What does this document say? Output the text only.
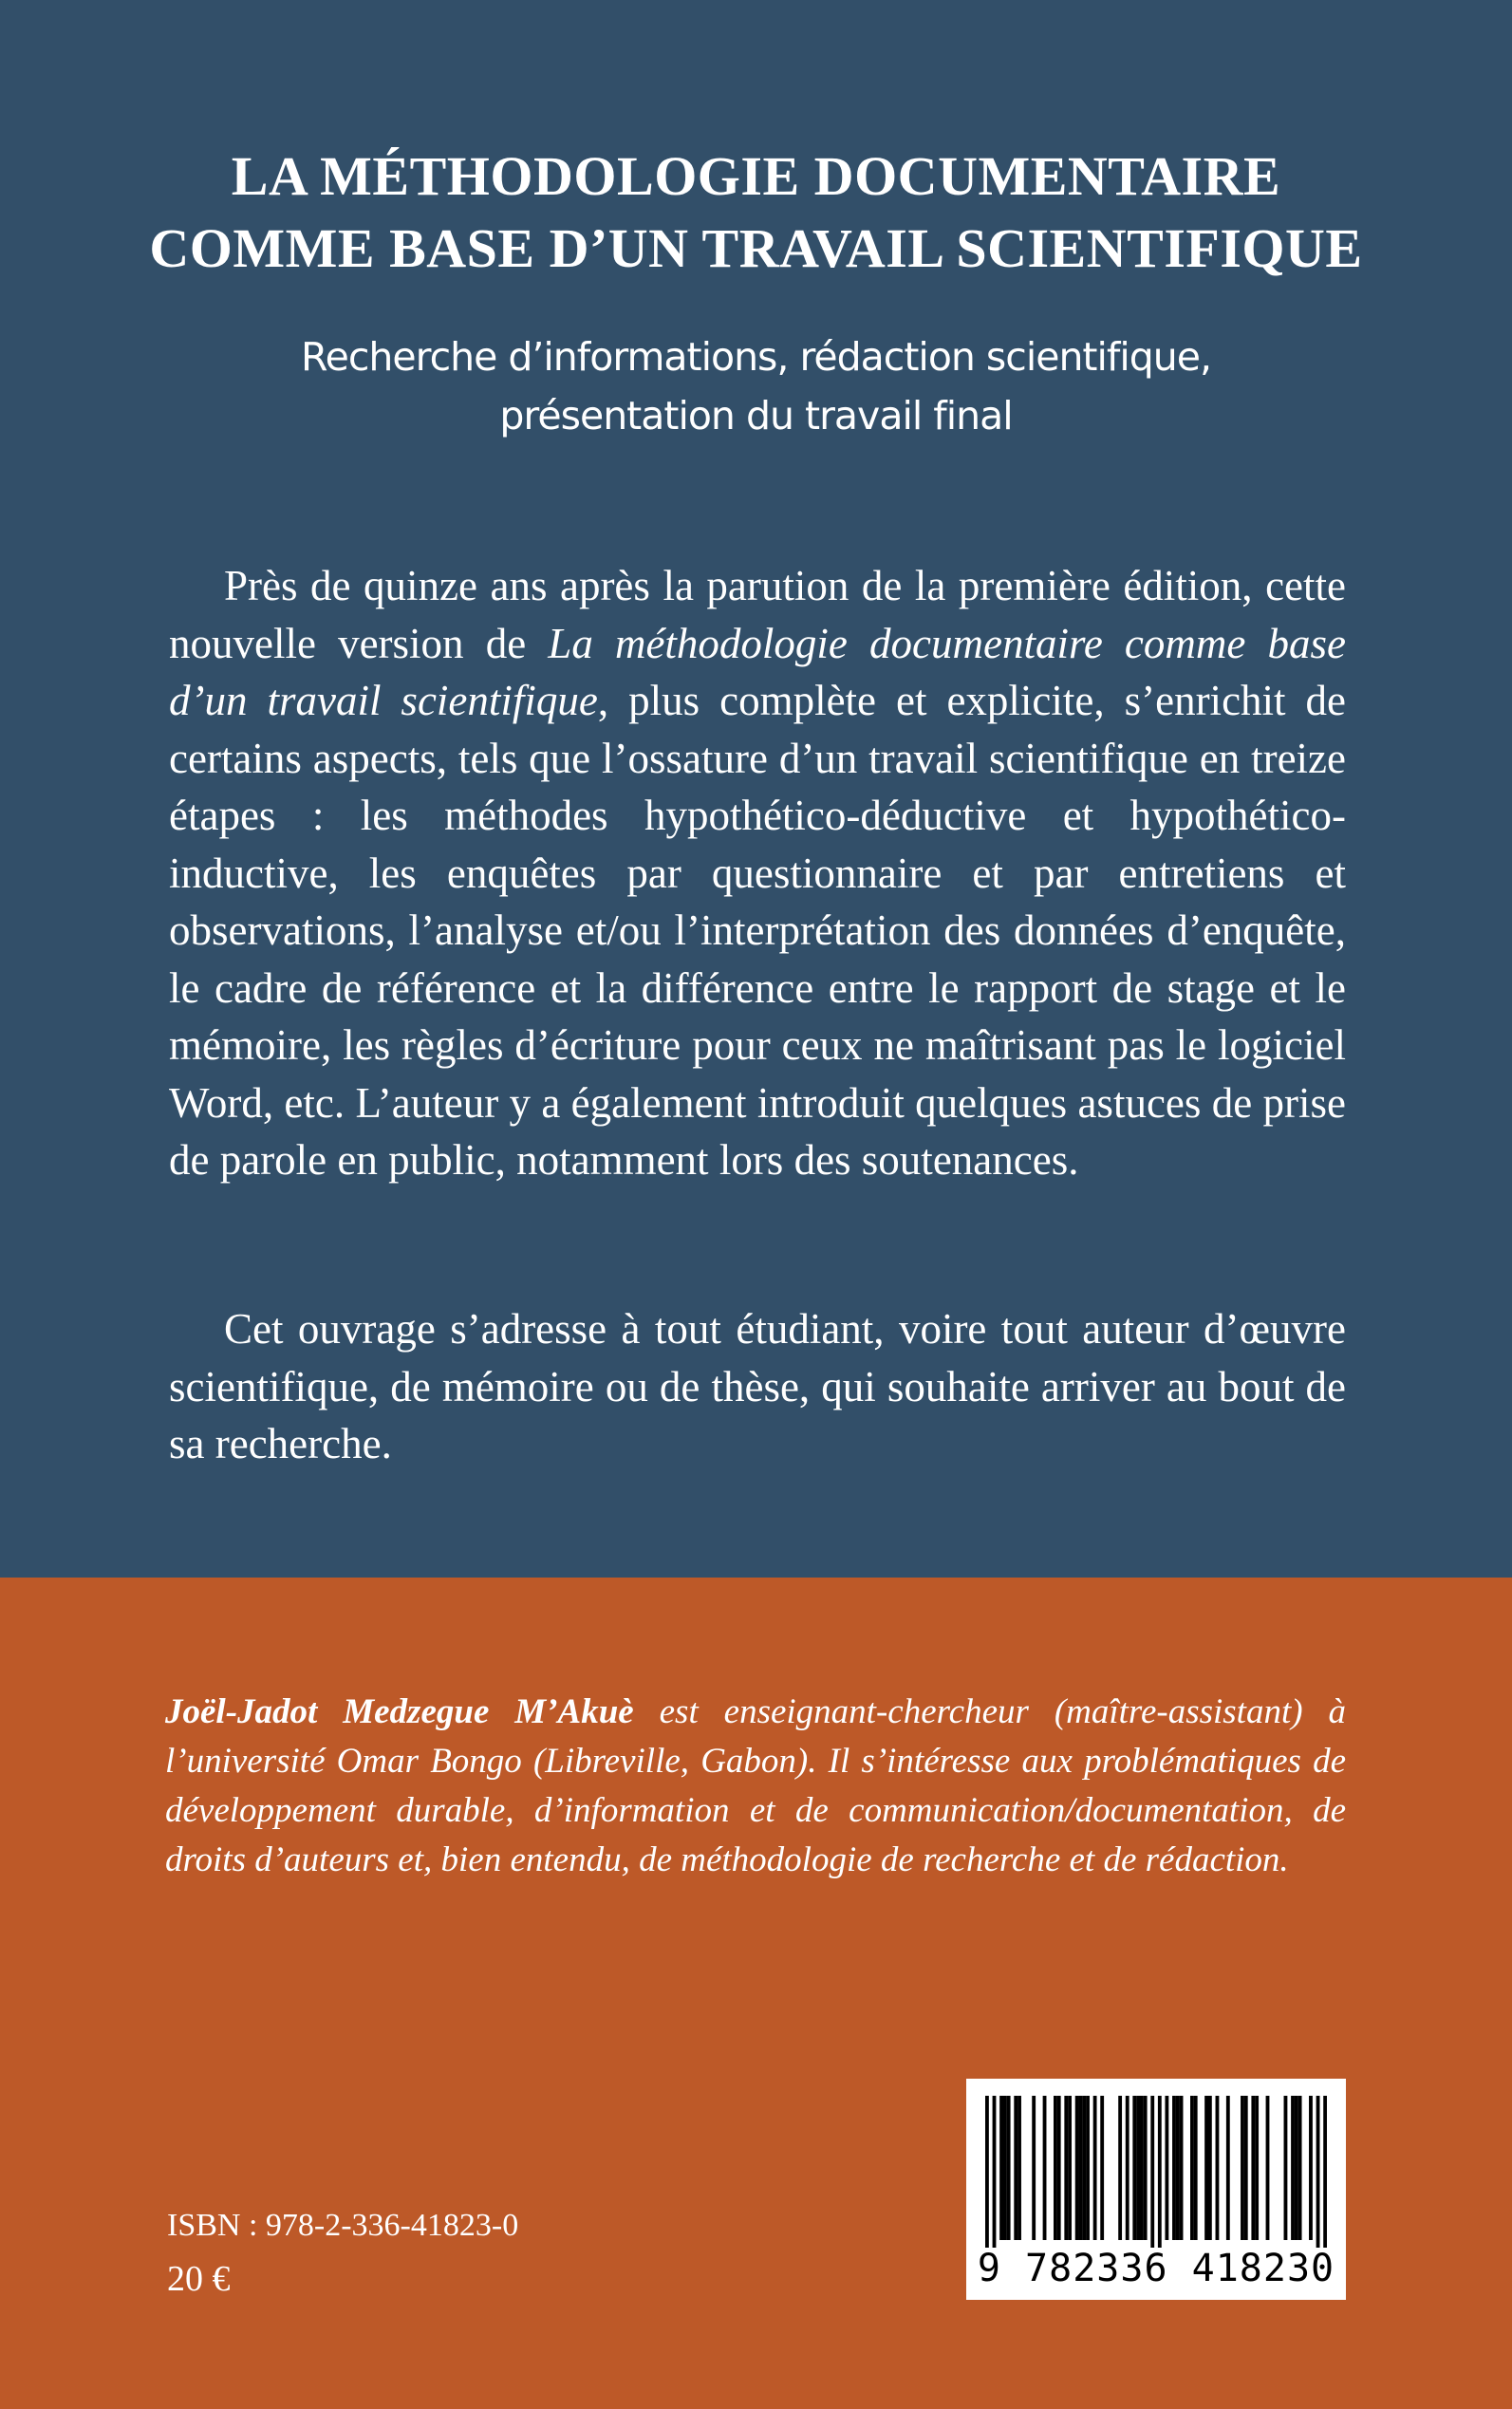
LA MÉTHODOLOGIE DOCUMENTAIRE
COMME BASE D’UN TRAVAIL SCIENTIFIQUE
Recherche d’informations, rédaction scientifique,
présentation du travail final

Près de quinze ans après la parution de la première édition, cette nouvelle version de La méthodologie documentaire comme base d’un travail scientifique, plus complète et explicite, s’enrichit de certains aspects, tels que l’ossature d’un travail scientifique en treize étapes : les méthodes hypothético-déductive et hypothético-inductive, les enquêtes par questionnaire et par entretiens et observations, l’analyse et/ou l’interprétation des données d’enquête, le cadre de référence et la différence entre le rapport de stage et le mémoire, les règles d’écriture pour ceux ne maîtrisant pas le logiciel Word, etc. L’auteur y a également introduit quelques astuces de prise de parole en public, notamment lors des soutenances.

Cet ouvrage s’adresse à tout étudiant, voire tout auteur d’œuvre scientifique, de mémoire ou de thèse, qui souhaite arriver au bout de sa recherche.

Joël-Jadot Medzegue M’Akuè est enseignant-chercheur (maître-assistant) à l’université Omar Bongo (Libreville, Gabon). Il s’intéresse aux problématiques de développement durable, d’information et de communication/documentation, de droits d’auteurs et, bien entendu, de méthodologie de recherche et de rédaction.

ISBN : 978-2-336-41823-0
20 €	9 782336 418230
